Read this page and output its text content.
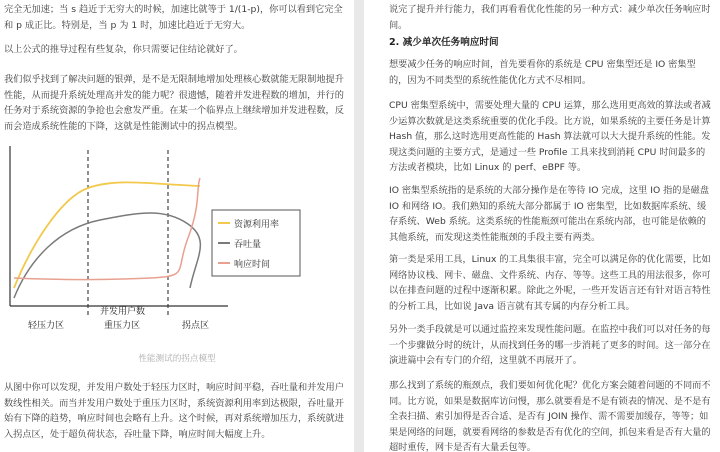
完全无加速；当 s 趋近于无穷大的时候，加速比就等于 1/(1-p)，你可以看到它完全和 p 成正比。特别是，当 p 为 1 时，加速比趋近于无穷大。

以上公式的推导过程有些复杂，你只需要记住结论就好了。

我们似乎找到了解决问题的银弹，是不是无限制地增加处理核心数就能无限制地提升性能，从而提升系统处理高并发的能力呢？很遗憾，随着并发进程数的增加，并行的任务对于系统资源的争抢也会愈发严重。在某一个临界点上继续增加并发进程数，反而会造成系统性能的下降，这就是性能测试中的拐点模型。

资源利用率
吞吐量
响应时间
轻压力区
并发用户数
重压力区	拐点区
性能测试的拐点模型

从图中你可以发现，并发用户数处于轻压力区时，响应时间平稳，吞吐量和并发用户数线性相关。而当并发用户数处于重压力区时，系统资源利用率到达极限，吞吐量开始有下降的趋势，响应时间也会略有上升。这个时候，再对系统增加压力，系统就进入拐点区，处于超负荷状态，吞吐量下降，响应时间大幅度上升。

说完了提升并行能力，我们再看看优化性能的另一种方式：减少单次任务响应时间。

2. 减少单次任务响应时间

想要减少任务的响应时间，首先要看你的系统是 CPU 密集型还是 IO 密集型的，因为不同类型的系统性能优化方式不尽相同。

CPU 密集型系统中，需要处理大量的 CPU 运算，那么选用更高效的算法或者减少运算次数就是这类系统重要的优化手段。比方说，如果系统的主要任务是计算 Hash 值，那么这时选用更高性能的 Hash 算法就可以大大提升系统的性能。发现这类问题的主要方式，是通过一些 Profile 工具来找到消耗 CPU 时间最多的方法或者模块，比如 Linux 的 perf、eBPF 等。

IO 密集型系统指的是系统的大部分操作是在等待 IO 完成，这里 IO 指的是磁盘 IO 和网络 IO。我们熟知的系统大部分都属于 IO 密集型，比如数据库系统、缓存系统、Web 系统。这类系统的性能瓶颈可能出在系统内部，也可能是依赖的其他系统，而发现这类性能瓶颈的手段主要有两类。

第一类是采用工具，Linux 的工具集很丰富，完全可以满足你的优化需要，比如网络协议栈、网卡、磁盘、文件系统、内存、等等。这些工具的用法很多，你可以在排查问题的过程中逐渐积累。除此之外呢，一些开发语言还有针对语言特性的分析工具，比如说 Java 语言就有其专属的内存分析工具。

另外一类手段就是可以通过监控来发现性能问题。在监控中我们可以对任务的每一个步骤做分时的统计，从而找到任务的哪一步消耗了更多的时间。这一部分在演进篇中会有专门的介绍，这里就不再展开了。

那么找到了系统的瓶颈点，我们要如何优化呢？优化方案会随着问题的不同而不同。比方说，如果是数据库访问慢，那么就要看是不是有锁表的情况、是不是有全表扫描、索引加得是否合适、是否有 JOIN 操作、需不需要加缓存，等等；如果是网络的问题，就要看网络的参数是否有优化的空间，抓包来看是否有大量的超时重传，网卡是否有大量丢包等。
